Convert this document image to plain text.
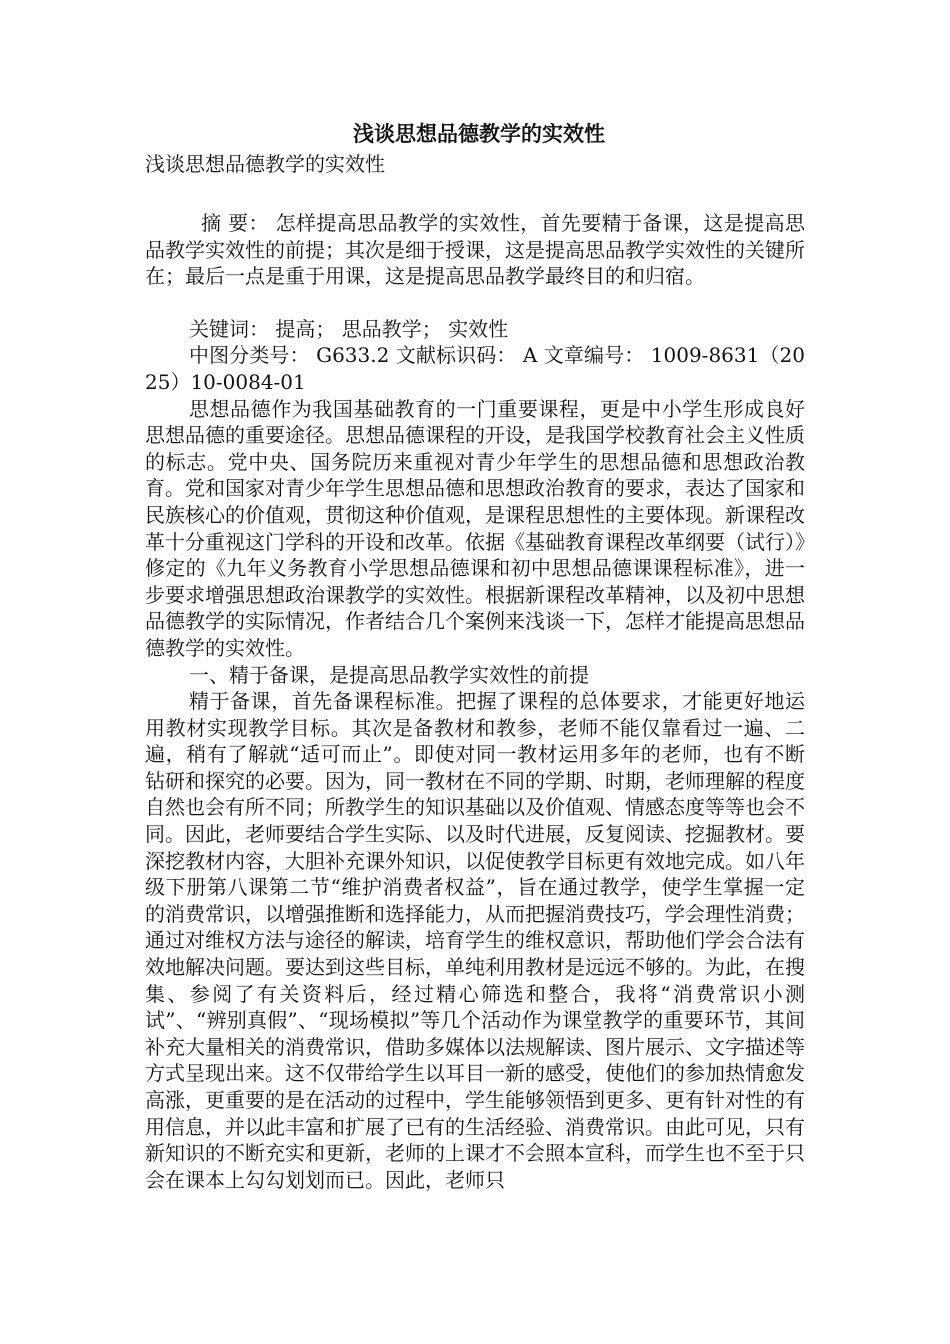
浅谈思想品德教学的实效性
浅谈思想品德教学的实效性

摘 要： 怎样提高思品教学的实效性，首先要精于备课，这是提高思品教学实效性的前提；其次是细于授课，这是提高思品教学实效性的关键所在；最后一点是重于用课，这是提高思品教学最终目的和归宿。

关键词： 提高； 思品教学； 实效性

中图分类号： G633.2 文献标识码： A 文章编号： 1009-8631（2025）10-0084-01

思想品德作为我国基础教育的一门重要课程，更是中小学生形成良好思想品德的重要途径。思想品德课程的开设，是我国学校教育社会主义性质的标志。党中央、国务院历来重视对青少年学生的思想品德和思想政治教育。党和国家对青少年学生思想品德和思想政治教育的要求，表达了国家和民族核心的价值观，贯彻这种价值观，是课程思想性的主要体现。新课程改革十分重视这门学科的开设和改革。依据《基础教育课程改革纲要（试行）》修定的《九年义务教育小学思想品德课和初中思想品德课课程标准》，进一步要求增强思想政治课教学的实效性。根据新课程改革精神，以及初中思想品德教学的实际情况，作者结合几个案例来浅谈一下，怎样才能提高思想品德教学的实效性。

一、精于备课，是提高思品教学实效性的前提

精于备课，首先备课程标准。把握了课程的总体要求，才能更好地运用教材实现教学目标。其次是备教材和教参，老师不能仅靠看过一遍、二遍，稍有了解就“适可而止”。即使对同一教材运用多年的老师，也有不断钻研和探究的必要。因为，同一教材在不同的学期、时期，老师理解的程度自然也会有所不同；所教学生的知识基础以及价值观、情感态度等等也会不同。因此，老师要结合学生实际、以及时代进展，反复阅读、挖掘教材。要深挖教材内容，大胆补充课外知识，以促使教学目标更有效地完成。如八年级下册第八课第二节“维护消费者权益”，旨在通过教学，使学生掌握一定的消费常识，以增强推断和选择能力，从而把握消费技巧，学会理性消费；通过对维权方法与途径的解读，培育学生的维权意识，帮助他们学会合法有效地解决问题。要达到这些目标，单纯利用教材是远远不够的。为此，在搜集、参阅了有关资料后，经过精心筛选和整合，我将“消费常识小测试”、“辨别真假”、“现场模拟”等几个活动作为课堂教学的重要环节，其间补充大量相关的消费常识，借助多媒体以法规解读、图片展示、文字描述等方式呈现出来。这不仅带给学生以耳目一新的感受，使他们的参加热情愈发高涨，更重要的是在活动的过程中，学生能够领悟到更多、更有针对性的有用信息，并以此丰富和扩展了已有的生活经验、消费常识。由此可见，只有新知识的不断充实和更新，老师的上课才不会照本宣科，而学生也不至于只会在课本上勾勾划划而已。因此，老师只
